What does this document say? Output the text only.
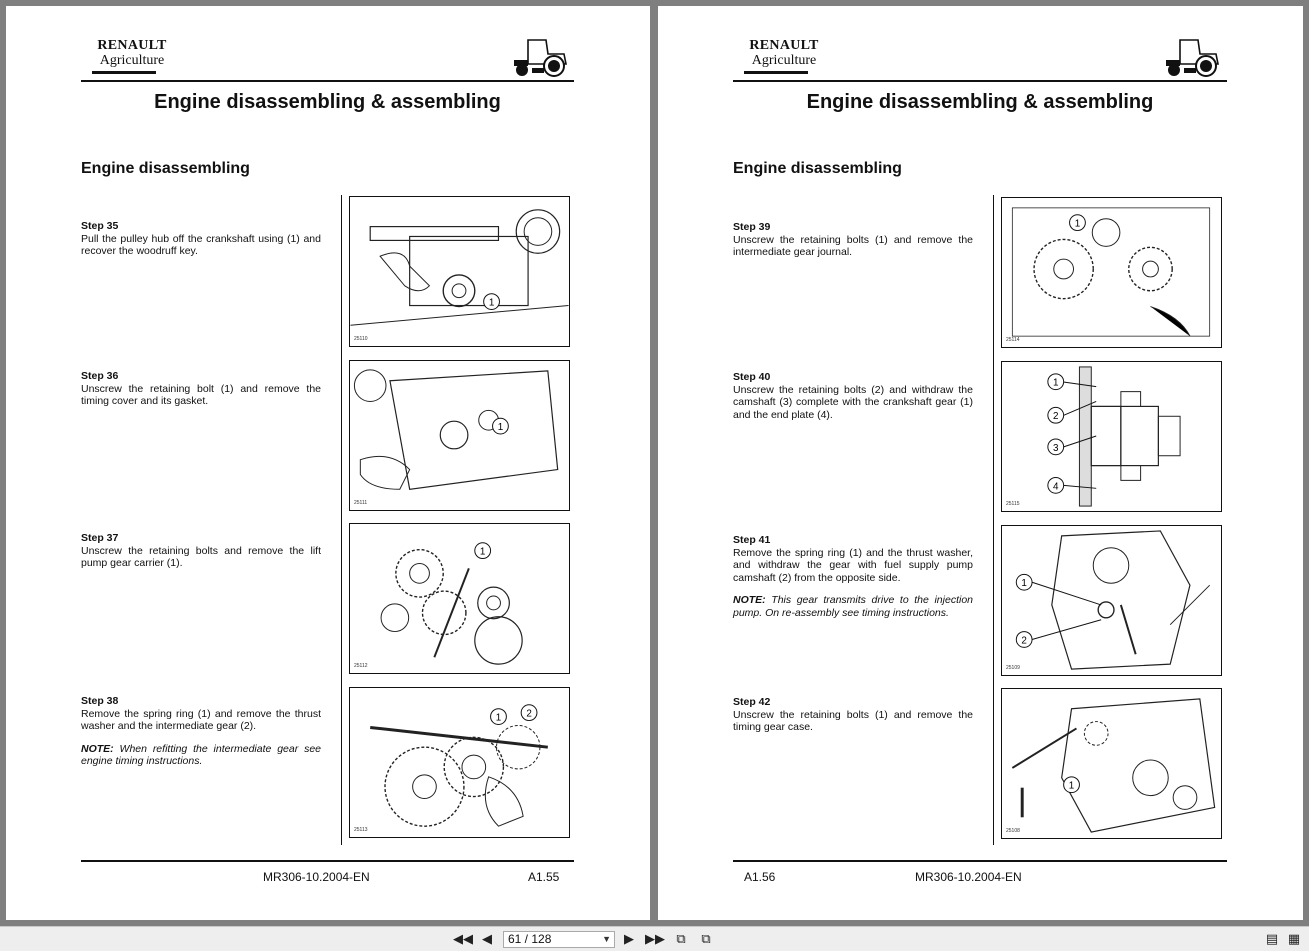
RENAULT
Agriculture
Engine disassembling & assembling
Engine disassembling
Step 35
Pull the pulley hub off the crankshaft using (1) and recover the woodruff key.
Step 36
Unscrew the retaining bolt (1) and remove the timing cover and its gasket.
Step 37
Unscrew the retaining bolts and remove the lift pump gear carrier (1).
Step 38
Remove the spring ring (1) and remove the thrust washer and the intermediate gear (2).
NOTE: When refitting the intermediate gear see engine timing instructions.
1
25110
1
25111
1
25112
1	2
25113
MR306-10.2004-EN	A1.55
RENAULT
Agriculture
Engine disassembling & assembling
Engine disassembling
Step 39
Unscrew the retaining bolts (1) and remove the intermediate gear journal.
Step 40
Unscrew the retaining bolts (2) and withdraw the camshaft (3) complete with the crankshaft gear (1) and the end plate (4).
Step 41
Remove the spring ring (1) and the thrust washer, and withdraw the gear with fuel supply pump camshaft (2) from the opposite side.
NOTE: This gear transmits drive to the injection pump. On re-assembly see timing instructions.
Step 42
Unscrew the retaining bolts (1) and remove the timing gear case.
1
25114
1
2
3
4
25115
1
2
25109
1
25108
A1.56	MR306-10.2004-EN
◀◀ ◀	61 / 128	▼	▶ ▶▶ ⧉	⧉	▤ ▦
